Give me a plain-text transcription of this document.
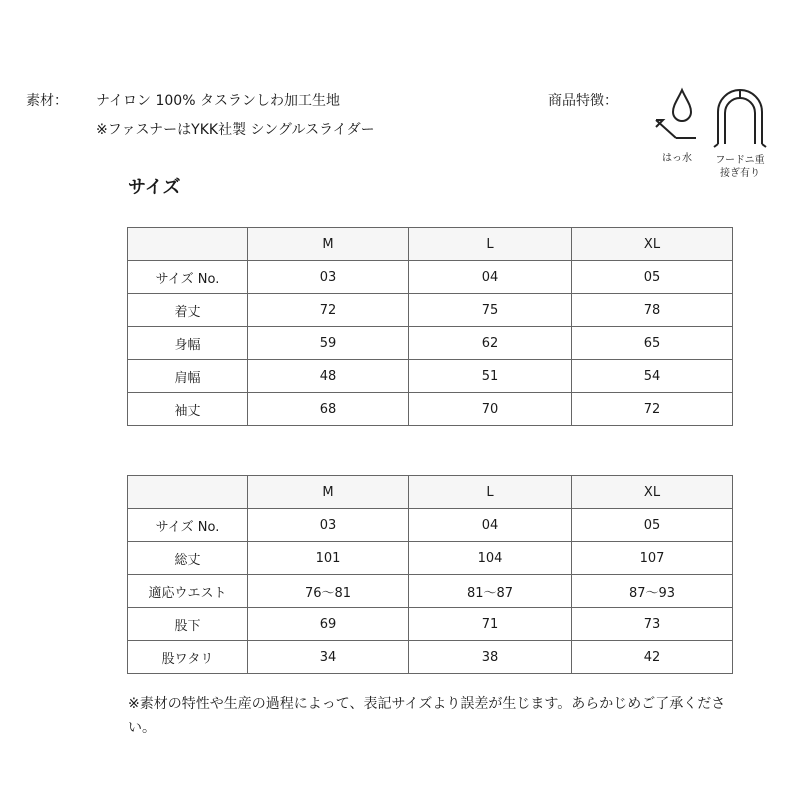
素材： ナイロン 100% タスランしわ加工生地
※ファスナーはYKK社製 シングルスライダー
商品特徴：
はっ水	フードニ重
接ぎ有り
サイズ
	M	L	XL
サイズ No.	03	04	05
着丈	72	75	78
身幅	59	62	65
肩幅	48	51	54
袖丈	68	70	72
	M	L	XL
サイズ No.	03	04	05
総丈	101	104	107
適応ウエスト	76〜81	81〜87	87〜93
股下	69	71	73
股ワタリ	34	38	42
※素材の特性や生産の過程によって、表記サイズより誤差が生じます。あらかじめご了承ください。
